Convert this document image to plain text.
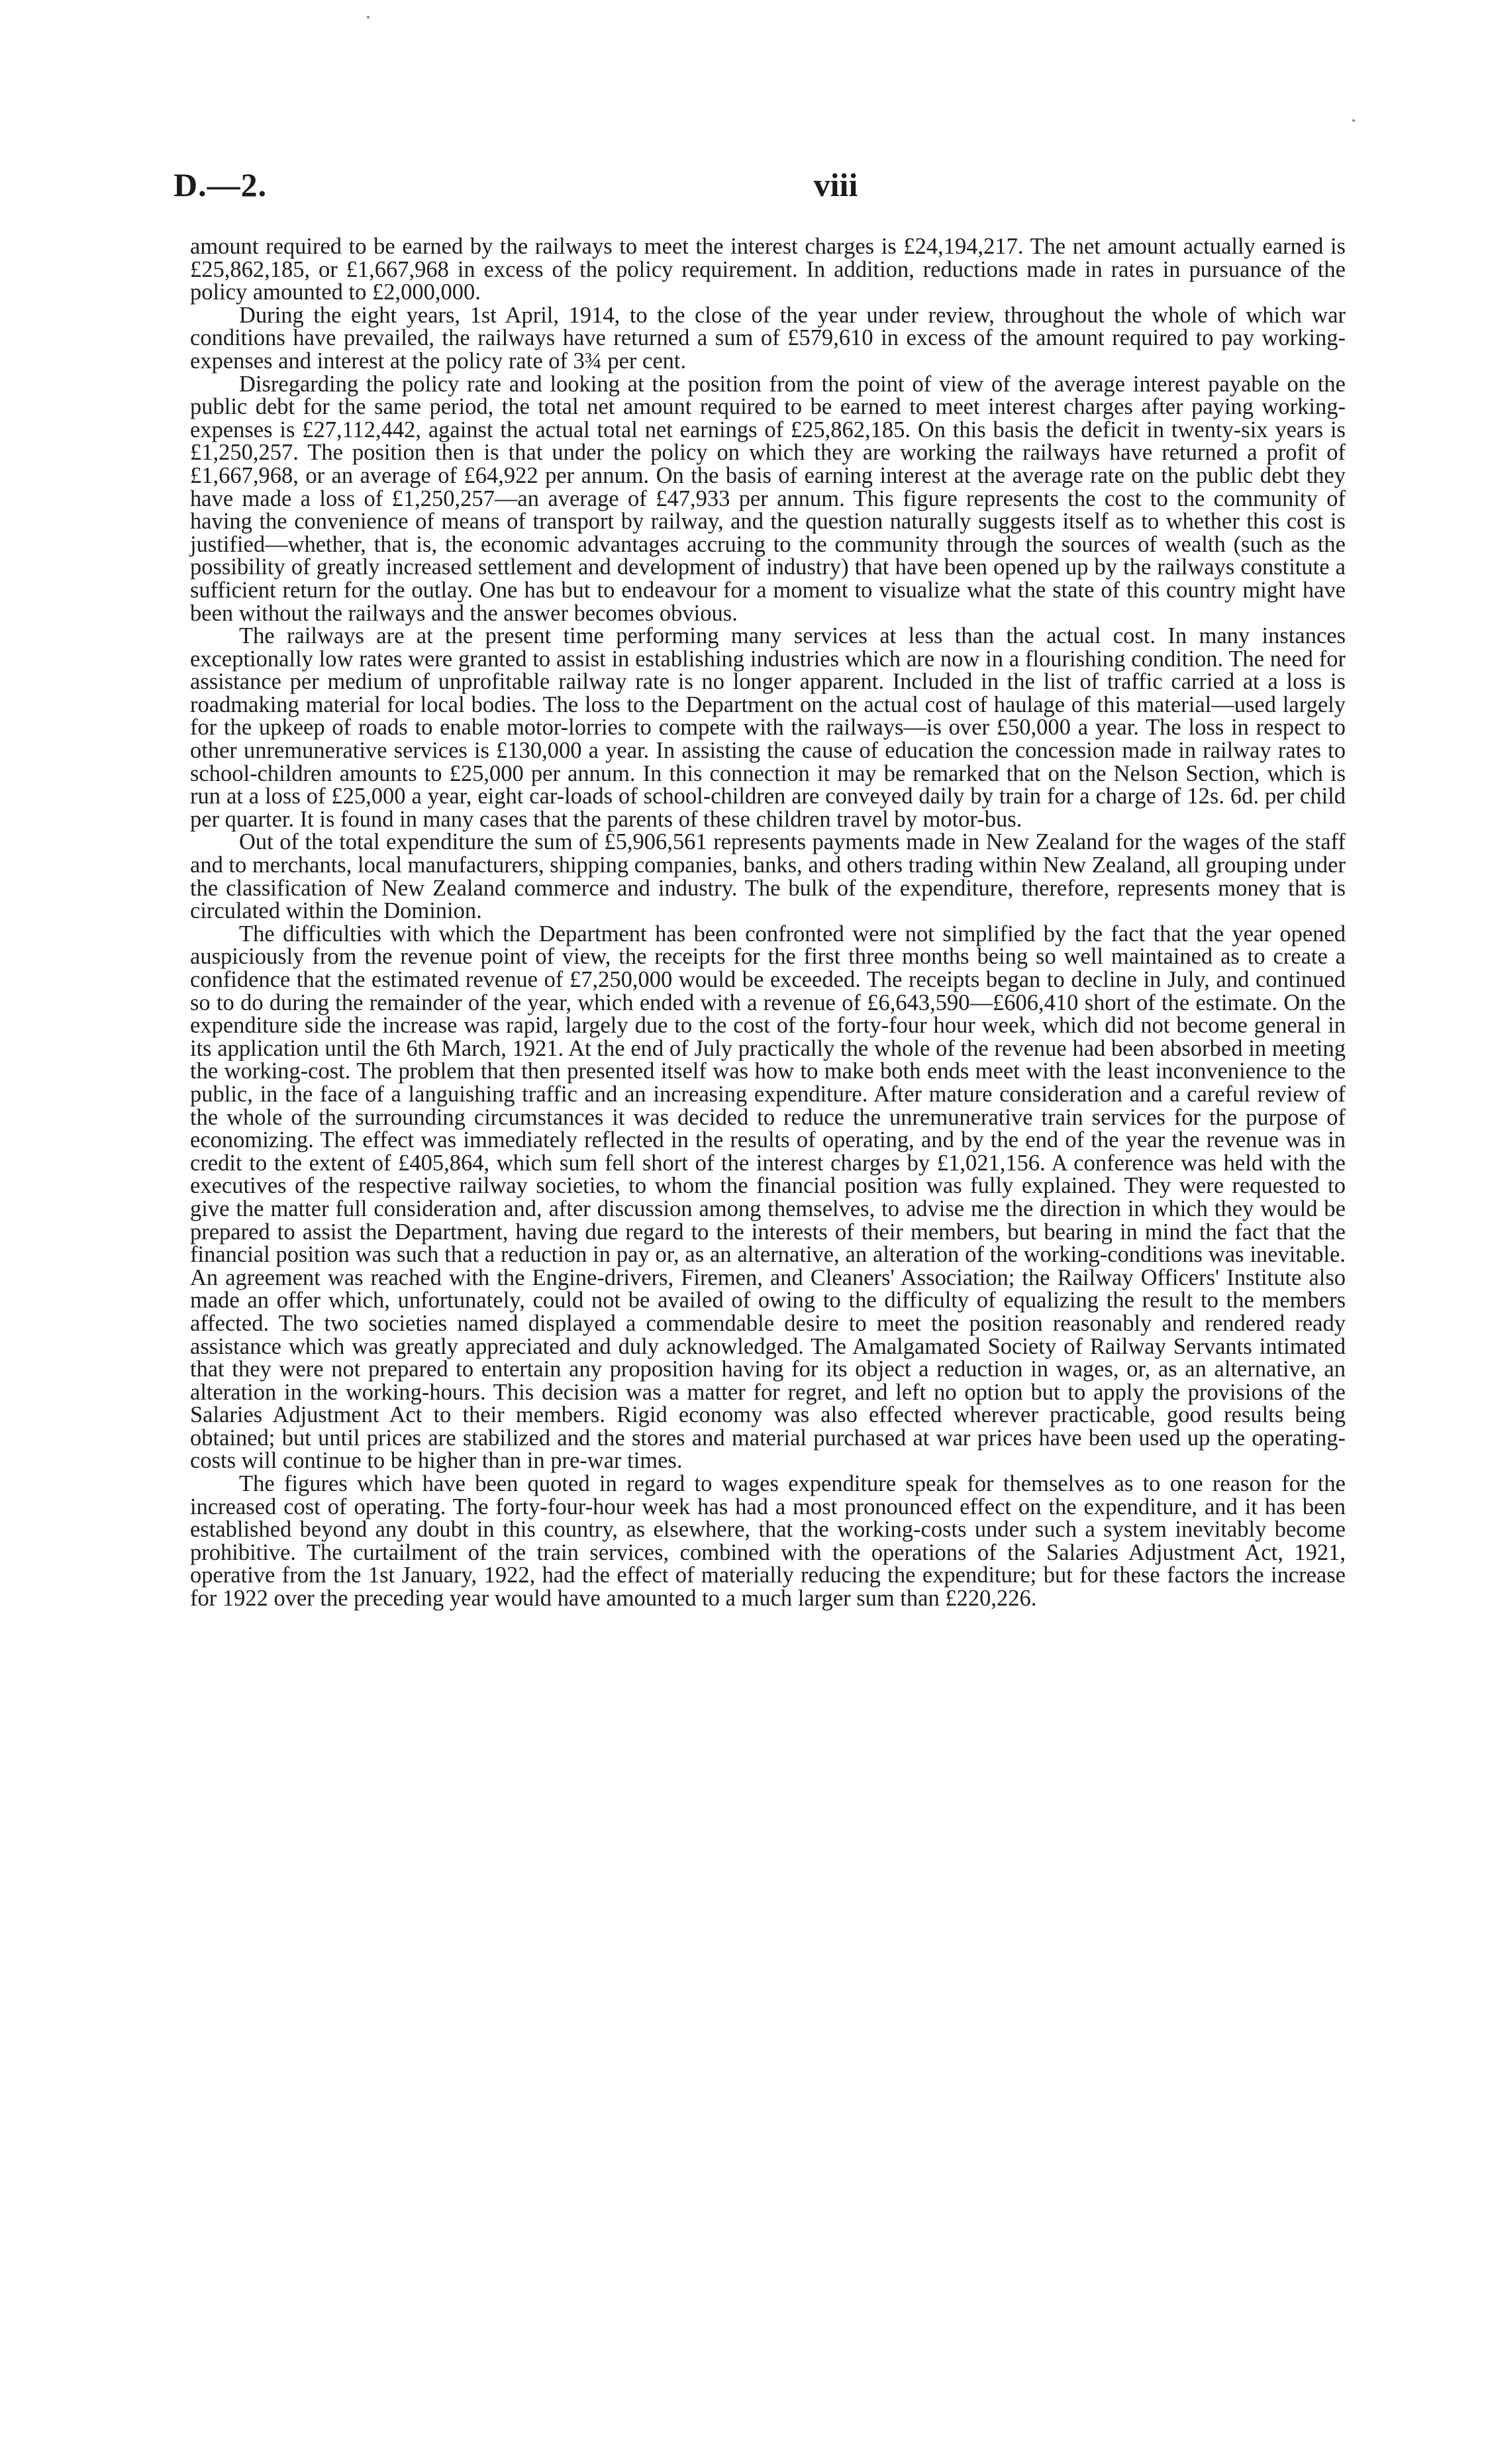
D.—2.	viii

amount required to be earned by the railways to meet the interest charges is £24,194,217. The net amount actually earned is £25,862,185, or £1,667,968 in excess of the policy requirement. In addition, reductions made in rates in pursuance of the policy amounted to £2,000,000.

During the eight years, 1st April, 1914, to the close of the year under review, throughout the whole of which war conditions have prevailed, the railways have returned a sum of £579,610 in excess of the amount required to pay working-expenses and interest at the policy rate of 3¾ per cent.

Disregarding the policy rate and looking at the position from the point of view of the average interest payable on the public debt for the same period, the total net amount required to be earned to meet interest charges after paying working-expenses is £27,112,442, against the actual total net earnings of £25,862,185. On this basis the deficit in twenty-six years is £1,250,257. The position then is that under the policy on which they are working the railways have returned a profit of £1,667,968, or an average of £64,922 per annum. On the basis of earning interest at the average rate on the public debt they have made a loss of £1,250,257—an average of £47,933 per annum. This figure represents the cost to the community of having the convenience of means of transport by railway, and the question naturally suggests itself as to whether this cost is justified—whether, that is, the economic advantages accruing to the community through the sources of wealth (such as the possibility of greatly increased settlement and development of industry) that have been opened up by the railways constitute a sufficient return for the outlay. One has but to endeavour for a moment to visualize what the state of this country might have been without the railways and the answer becomes obvious.

The railways are at the present time performing many services at less than the actual cost. In many instances exceptionally low rates were granted to assist in establishing industries which are now in a flourishing condition. The need for assistance per medium of unprofitable railway rate is no longer apparent. Included in the list of traffic carried at a loss is roadmaking material for local bodies. The loss to the Department on the actual cost of haulage of this material—used largely for the upkeep of roads to enable motor-lorries to compete with the railways—is over £50,000 a year. The loss in respect to other unremunerative services is £130,000 a year. In assisting the cause of education the concession made in railway rates to school-children amounts to £25,000 per annum. In this connection it may be remarked that on the Nelson Section, which is run at a loss of £25,000 a year, eight car-loads of school-children are conveyed daily by train for a charge of 12s. 6d. per child per quarter. It is found in many cases that the parents of these children travel by motor-bus.

Out of the total expenditure the sum of £5,906,561 represents payments made in New Zealand for the wages of the staff and to merchants, local manufacturers, shipping companies, banks, and others trading within New Zealand, all grouping under the classification of New Zealand commerce and industry. The bulk of the expenditure, therefore, represents money that is circulated within the Dominion.

The difficulties with which the Department has been confronted were not simplified by the fact that the year opened auspiciously from the revenue point of view, the receipts for the first three months being so well maintained as to create a confidence that the estimated revenue of £7,250,000 would be exceeded. The receipts began to decline in July, and continued so to do during the remainder of the year, which ended with a revenue of £6,643,590—£606,410 short of the estimate. On the expenditure side the increase was rapid, largely due to the cost of the forty-four hour week, which did not become general in its application until the 6th March, 1921. At the end of July practically the whole of the revenue had been absorbed in meeting the working-cost. The problem that then presented itself was how to make both ends meet with the least inconvenience to the public, in the face of a languishing traffic and an increasing expenditure. After mature consideration and a careful review of the whole of the surrounding circumstances it was decided to reduce the unremunerative train services for the purpose of economizing. The effect was immediately reflected in the results of operating, and by the end of the year the revenue was in credit to the extent of £405,864, which sum fell short of the interest charges by £1,021,156. A conference was held with the executives of the respective railway societies, to whom the financial position was fully explained. They were requested to give the matter full consideration and, after discussion among themselves, to advise me the direction in which they would be prepared to assist the Department, having due regard to the interests of their members, but bearing in mind the fact that the financial position was such that a reduction in pay or, as an alternative, an alteration of the working-conditions was inevitable. An agreement was reached with the Engine-drivers, Firemen, and Cleaners' Association; the Railway Officers' Institute also made an offer which, unfortunately, could not be availed of owing to the difficulty of equalizing the result to the members affected. The two societies named displayed a commendable desire to meet the position reasonably and rendered ready assistance which was greatly appreciated and duly acknowledged. The Amalgamated Society of Railway Servants intimated that they were not prepared to entertain any proposition having for its object a reduction in wages, or, as an alternative, an alteration in the working-hours. This decision was a matter for regret, and left no option but to apply the provisions of the Salaries Adjustment Act to their members. Rigid economy was also effected wherever practicable, good results being obtained; but until prices are stabilized and the stores and material purchased at war prices have been used up the operating-costs will continue to be higher than in pre-war times.

The figures which have been quoted in regard to wages expenditure speak for themselves as to one reason for the increased cost of operating. The forty-four-hour week has had a most pronounced effect on the expenditure, and it has been established beyond any doubt in this country, as elsewhere, that the working-costs under such a system inevitably become prohibitive. The curtailment of the train services, combined with the operations of the Salaries Adjustment Act, 1921, operative from the 1st January, 1922, had the effect of materially reducing the expenditure; but for these factors the increase for 1922 over the preceding year would have amounted to a much larger sum than £220,226.
